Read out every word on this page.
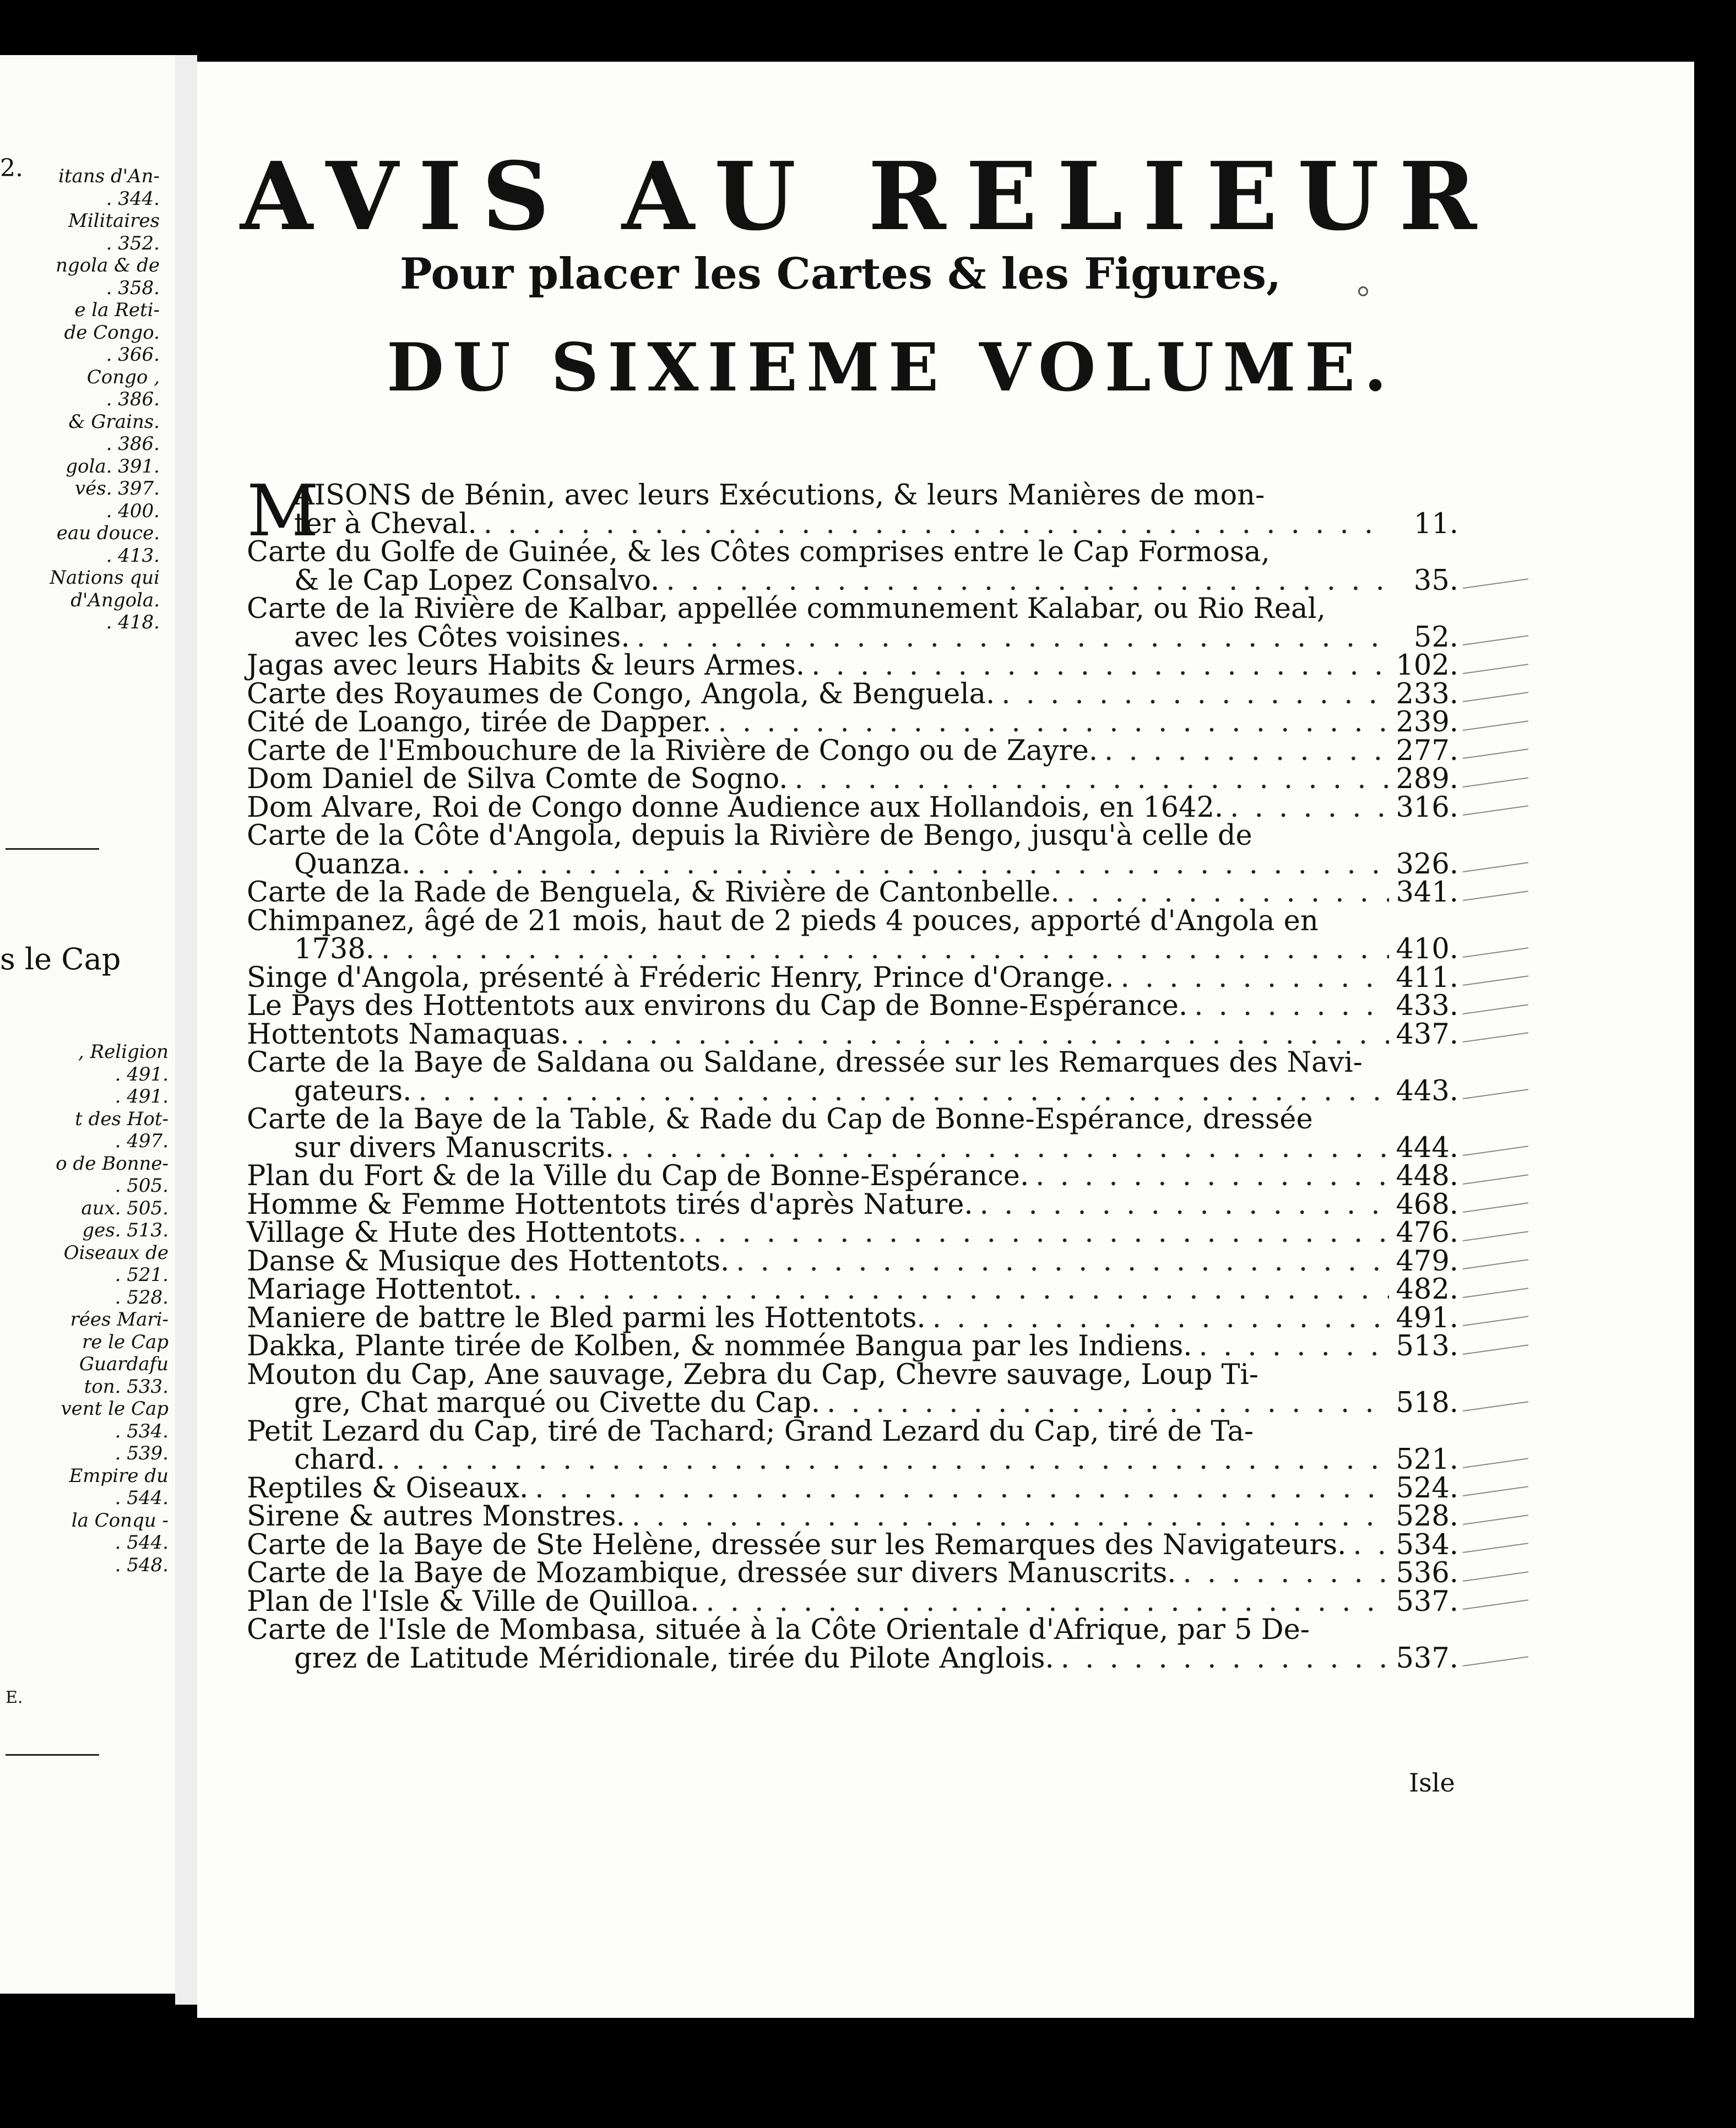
2.	itans d'An-
. 344.
Militaires
. 352.
ngola & de
. 358.
e la Reti-
de Congo.
. 366.
Congo ,
. 386.
& Grains.
. 386.
gola. 391.
vés. 397.
. 400.
eau douce.
. 413.
Nations qui
d'Angola.
. 418.
s le Cap
, Religion
. 491.
. 491.
t des Hot-
. 497.
o de Bonne-
. 505.
aux. 505.
ges. 513.
Oiseaux de
. 521.
. 528.
rées Mari-
re le Cap
Guardafu
ton. 533.
vent le Cap
. 534.
. 539.
Empire du
. 544.
la Conqu -
. 544.
. 548.
E.
AVIS AU RELIEUR
Pour placer les Cartes & les Figures,
DU SIXIEME VOLUME.
M
AISONS de Bénin, avec leurs Exécutions, & leurs Manières de mon-
ter à Cheval. . . .	11.
Carte du Golfe de Guinée, & les Côtes comprises entre le Cap Formosa,
& le Cap Lopez Consalvo. . . .	35.
Carte de la Rivière de Kalbar, appellée communement Kalabar, ou Rio Real,
avec les Côtes voisines. . . .	52.
Jagas avec leurs Habits & leurs Armes. . . .	102.
Carte des Royaumes de Congo, Angola, & Benguela. . . .	233.
Cité de Loango, tirée de Dapper. . . .	239.
Carte de l'Embouchure de la Rivière de Congo ou de Zayre. . . .	277.
Dom Daniel de Silva Comte de Sogno. . . .	289.
Dom Alvare, Roi de Congo donne Audience aux Hollandois, en 1642. . . .	316.
Carte de la Côte d'Angola, depuis la Rivière de Bengo, jusqu'à celle de
Quanza. . . .	326.
Carte de la Rade de Benguela, & Rivière de Cantonbelle. . . .	341.
Chimpanez, âgé de 21 mois, haut de 2 pieds 4 pouces, apporté d'Angola en
1738. . . .	410.
Singe d'Angola, présenté à Fréderic Henry, Prince d'Orange. . . .	411.
Le Pays des Hottentots aux environs du Cap de Bonne-Espérance. . . .	433.
Hottentots Namaquas. . . .	437.
Carte de la Baye de Saldana ou Saldane, dressée sur les Remarques des Navi-
gateurs. . . .	443.
Carte de la Baye de la Table, & Rade du Cap de Bonne-Espérance, dressée
sur divers Manuscrits. . . .	444.
Plan du Fort & de la Ville du Cap de Bonne-Espérance. . . .	448.
Homme & Femme Hottentots tirés d'après Nature. . . .	468.
Village & Hute des Hottentots. . . .	476.
Danse & Musique des Hottentots. . . .	479.
Mariage Hottentot. . . .	482.
Maniere de battre le Bled parmi les Hottentots. . . .	491.
Dakka, Plante tirée de Kolben, & nommée Bangua par les Indiens. . . .	513.
Mouton du Cap, Ane sauvage, Zebra du Cap, Chevre sauvage, Loup Ti-
gre, Chat marqué ou Civette du Cap. . . .	518.
Petit Lezard du Cap, tiré de Tachard; Grand Lezard du Cap, tiré de Ta-
chard. . . .	521.
Reptiles & Oiseaux. . . .	524.
Sirene & autres Monstres. . . .	528.
Carte de la Baye de Ste Helène, dressée sur les Remarques des Navigateurs. . . . 534.
Carte de la Baye de Mozambique, dressée sur divers Manuscrits. . . .	536.
Plan de l'Isle & Ville de Quilloa. . . .	537.
Carte de l'Isle de Mombasa, située à la Côte Orientale d'Afrique, par 5 De-
grez de Latitude Méridionale, tirée du Pilote Anglois. . . .	537.
Isle
